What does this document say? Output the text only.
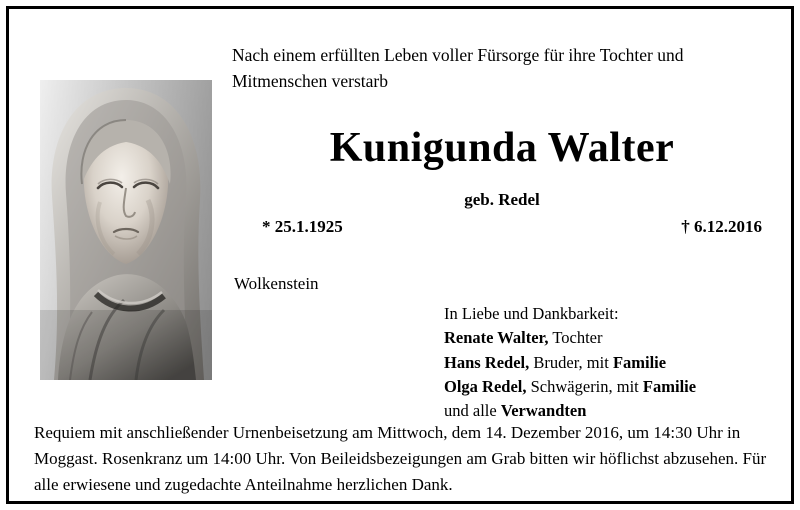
Nach einem erfüllten Leben voller Fürsorge für ihre Tochter und Mitmenschen verstarb
Kunigunda Walter
geb. Redel
* 25.1.1925	† 6.12.2016
Wolkenstein
In Liebe und Dankbarkeit:
Renate Walter, Tochter
Hans Redel, Bruder, mit Familie
Olga Redel, Schwägerin, mit Familie
und alle Verwandten
Requiem mit anschließender Urnenbeisetzung am Mittwoch, dem 14. Dezember 2016, um 14:30 Uhr in Moggast. Rosenkranz um 14:00 Uhr. Von Beileidsbezeigungen am Grab bitten wir höflichst abzusehen. Für alle erwiesene und zugedachte Anteilnahme herzlichen Dank.
